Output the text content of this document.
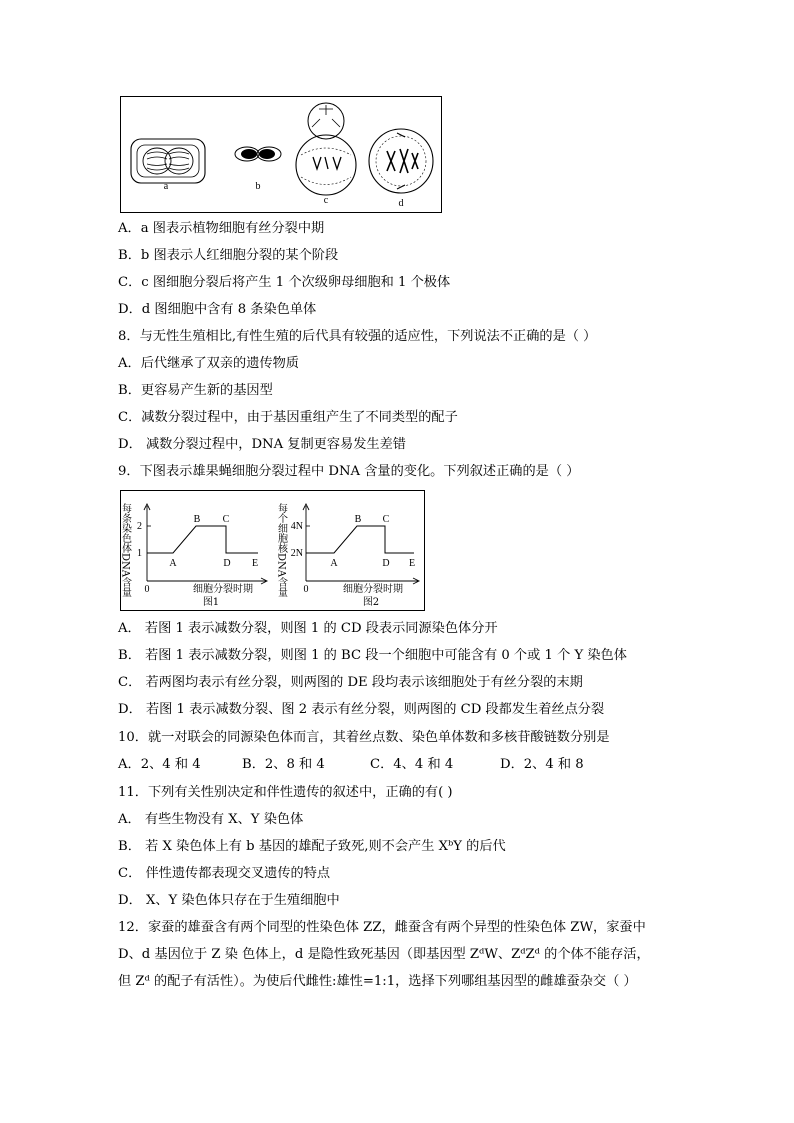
a	b
c	d
A．a 图表示植物细胞有丝分裂中期
B．b 图表示人红细胞分裂的某个阶段
C．c 图细胞分裂后将产生 1 个次级卵母细胞和 1 个极体
D．d 图细胞中含有 8 条染色单体
8．与无性生殖相比,有性生殖的后代具有较强的适应性，下列说法不正确的是（ ）
A．后代继承了双亲的遗传物质
B．更容易产生新的基因型
C．减数分裂过程中，由于基因重组产生了不同类型的配子
D． 减数分裂过程中，DNA 复制更容易发生差错
9．下图表示雄果蝇细胞分裂过程中 DNA 含量的变化。下列叙述正确的是（ ）
每条染色体DNA含量 2
1
A
B C
D E
0	细胞分裂时期
图1
每个细胞核DNA含量 4N
2N
A
B C
D E
0	细胞分裂时期
图2
A． 若图 1 表示减数分裂，则图 1 的 CD 段表示同源染色体分开
B． 若图 1 表示减数分裂，则图 1 的 BC 段一个细胞中可能含有 0 个或 1 个 Y 染色体
C． 若两图均表示有丝分裂，则两图的 DE 段均表示该细胞处于有丝分裂的末期
D． 若图 1 表示减数分裂、图 2 表示有丝分裂，则两图的 CD 段都发生着丝点分裂
10．就一对联会的同源染色体而言，其着丝点数、染色单体数和多核苷酸链数分别是
A．2、4 和 4	B．2、8 和 4	C．4、4 和 4	D．2、4 和 8
11．下列有关性别决定和伴性遗传的叙述中，正确的有( )
A． 有些生物没有 X、Y 染色体
B． 若 X 染色体上有 b 基因的雄配子致死,则不会产生 XᵇY 的后代
C． 伴性遗传都表现交叉遗传的特点
D． X、Y 染色体只存在于生殖细胞中
12．家蚕的雄蚕含有两个同型的性染色体 ZZ，雌蚕含有两个异型的性染色体 ZW，家蚕中
D、d 基因位于 Z 染 色体上，d 是隐性致死基因（即基因型 ZᵈW、ZᵈZᵈ 的个体不能存活，
但 Zᵈ 的配子有活性）。为使后代雌性:雄性=1:1，选择下列哪组基因型的雌雄蚕杂交（ ）
